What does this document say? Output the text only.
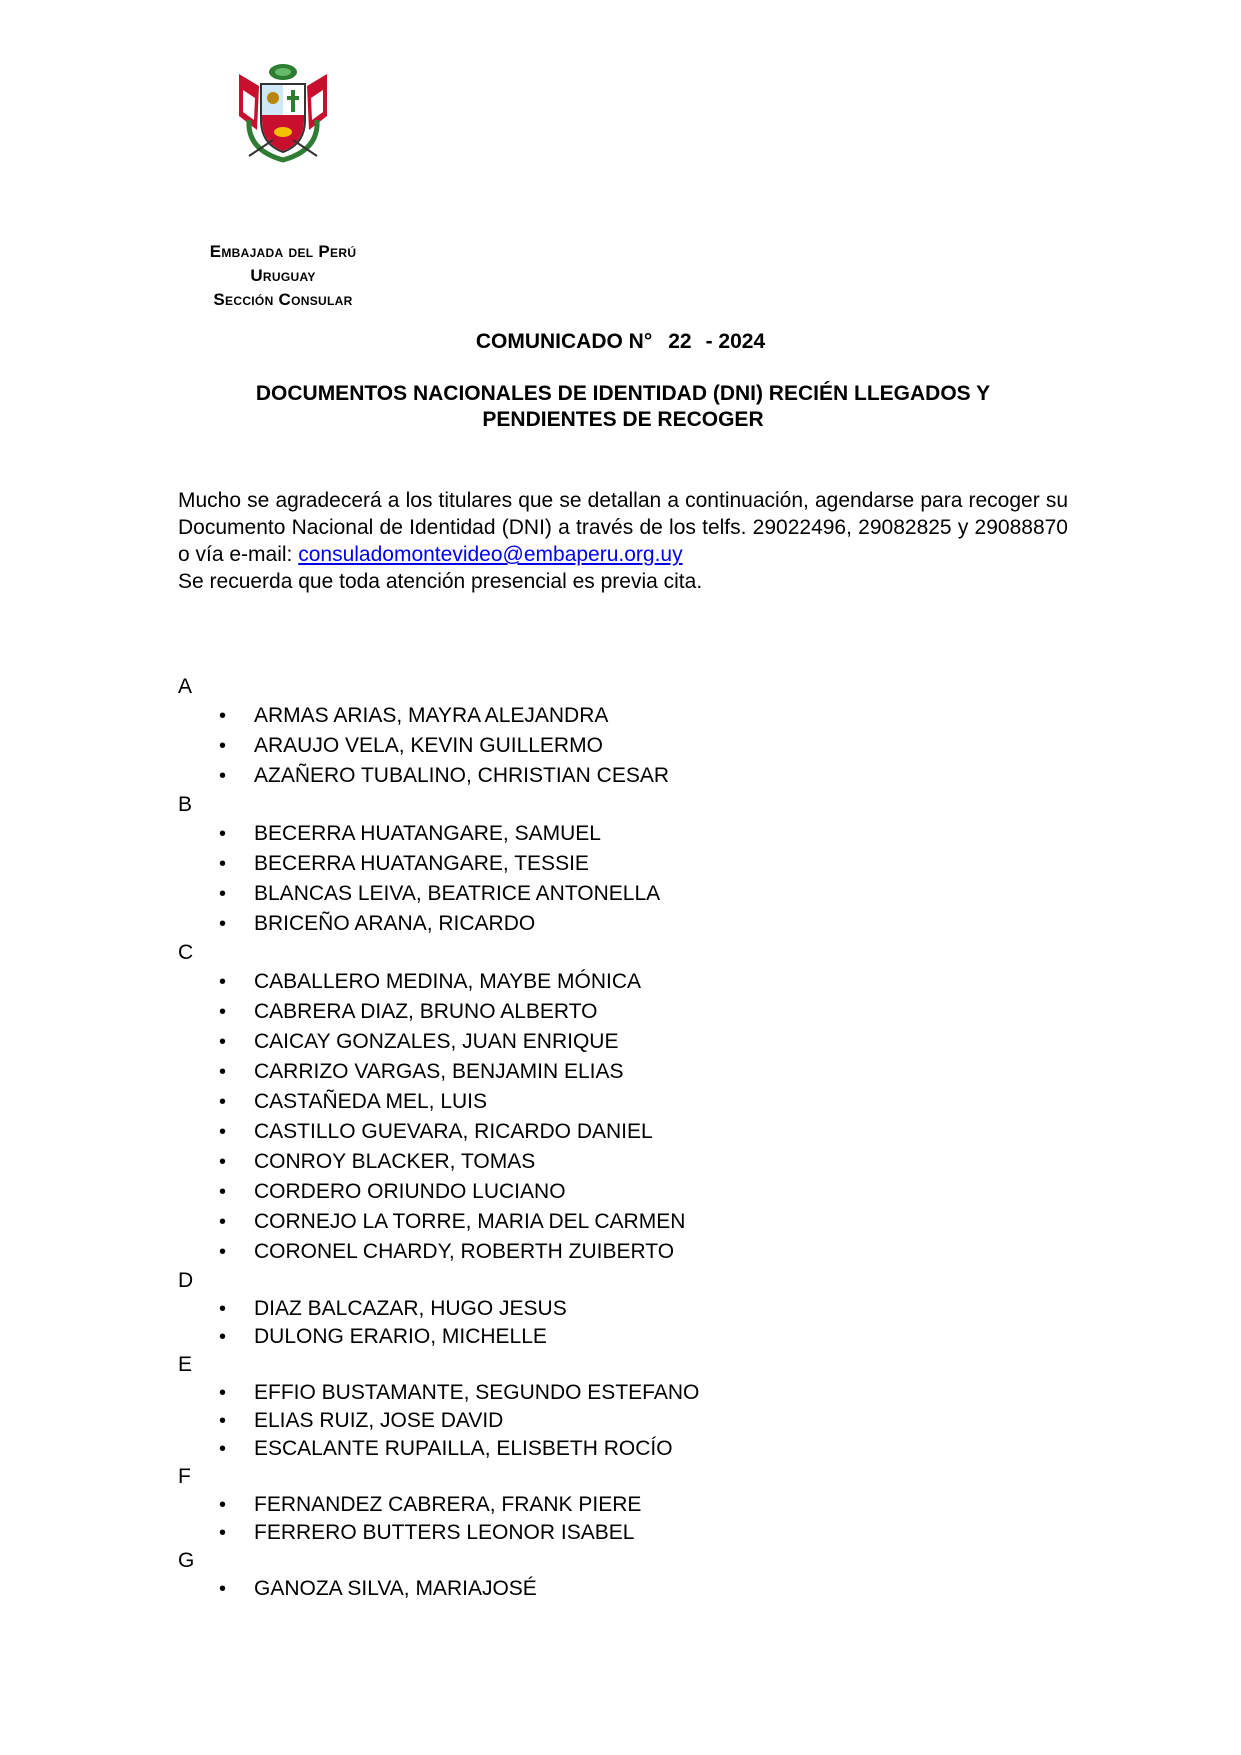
Embajada del Perú
Uruguay
Sección Consular
COMUNICADO N° 22 - 2024
DOCUMENTOS NACIONALES DE IDENTIDAD (DNI) RECIÉN LLEGADOS Y
PENDIENTES DE RECOGER
Mucho se agradecerá a los titulares que se detallan a continuación, agendarse para recoger su Documento Nacional de Identidad (DNI) a través de los telfs. 29022496, 29082825 y 29088870 o vía e-mail: consuladomontevideo@embaperu.org.uy
Se recuerda que toda atención presencial es previa cita.
A
• ARMAS ARIAS, MAYRA ALEJANDRA
• ARAUJO VELA, KEVIN GUILLERMO
• AZAÑERO TUBALINO, CHRISTIAN CESAR
B
• BECERRA HUATANGARE, SAMUEL
• BECERRA HUATANGARE, TESSIE
• BLANCAS LEIVA, BEATRICE ANTONELLA
• BRICEÑO ARANA, RICARDO
C
• CABALLERO MEDINA, MAYBE MÓNICA
• CABRERA DIAZ, BRUNO ALBERTO
• CAICAY GONZALES, JUAN ENRIQUE
• CARRIZO VARGAS, BENJAMIN ELIAS
• CASTAÑEDA MEL, LUIS
• CASTILLO GUEVARA, RICARDO DANIEL
• CONROY BLACKER, TOMAS
• CORDERO ORIUNDO LUCIANO
• CORNEJO LA TORRE, MARIA DEL CARMEN
• CORONEL CHARDY, ROBERTH ZUIBERTO
D
• DIAZ BALCAZAR, HUGO JESUS
• DULONG ERARIO, MICHELLE
E
• EFFIO BUSTAMANTE, SEGUNDO ESTEFANO
• ELIAS RUIZ, JOSE DAVID
• ESCALANTE RUPAILLA, ELISBETH ROCÍO
F
• FERNANDEZ CABRERA, FRANK PIERE
• FERRERO BUTTERS LEONOR ISABEL
G
• GANOZA SILVA, MARIAJOSÉ
